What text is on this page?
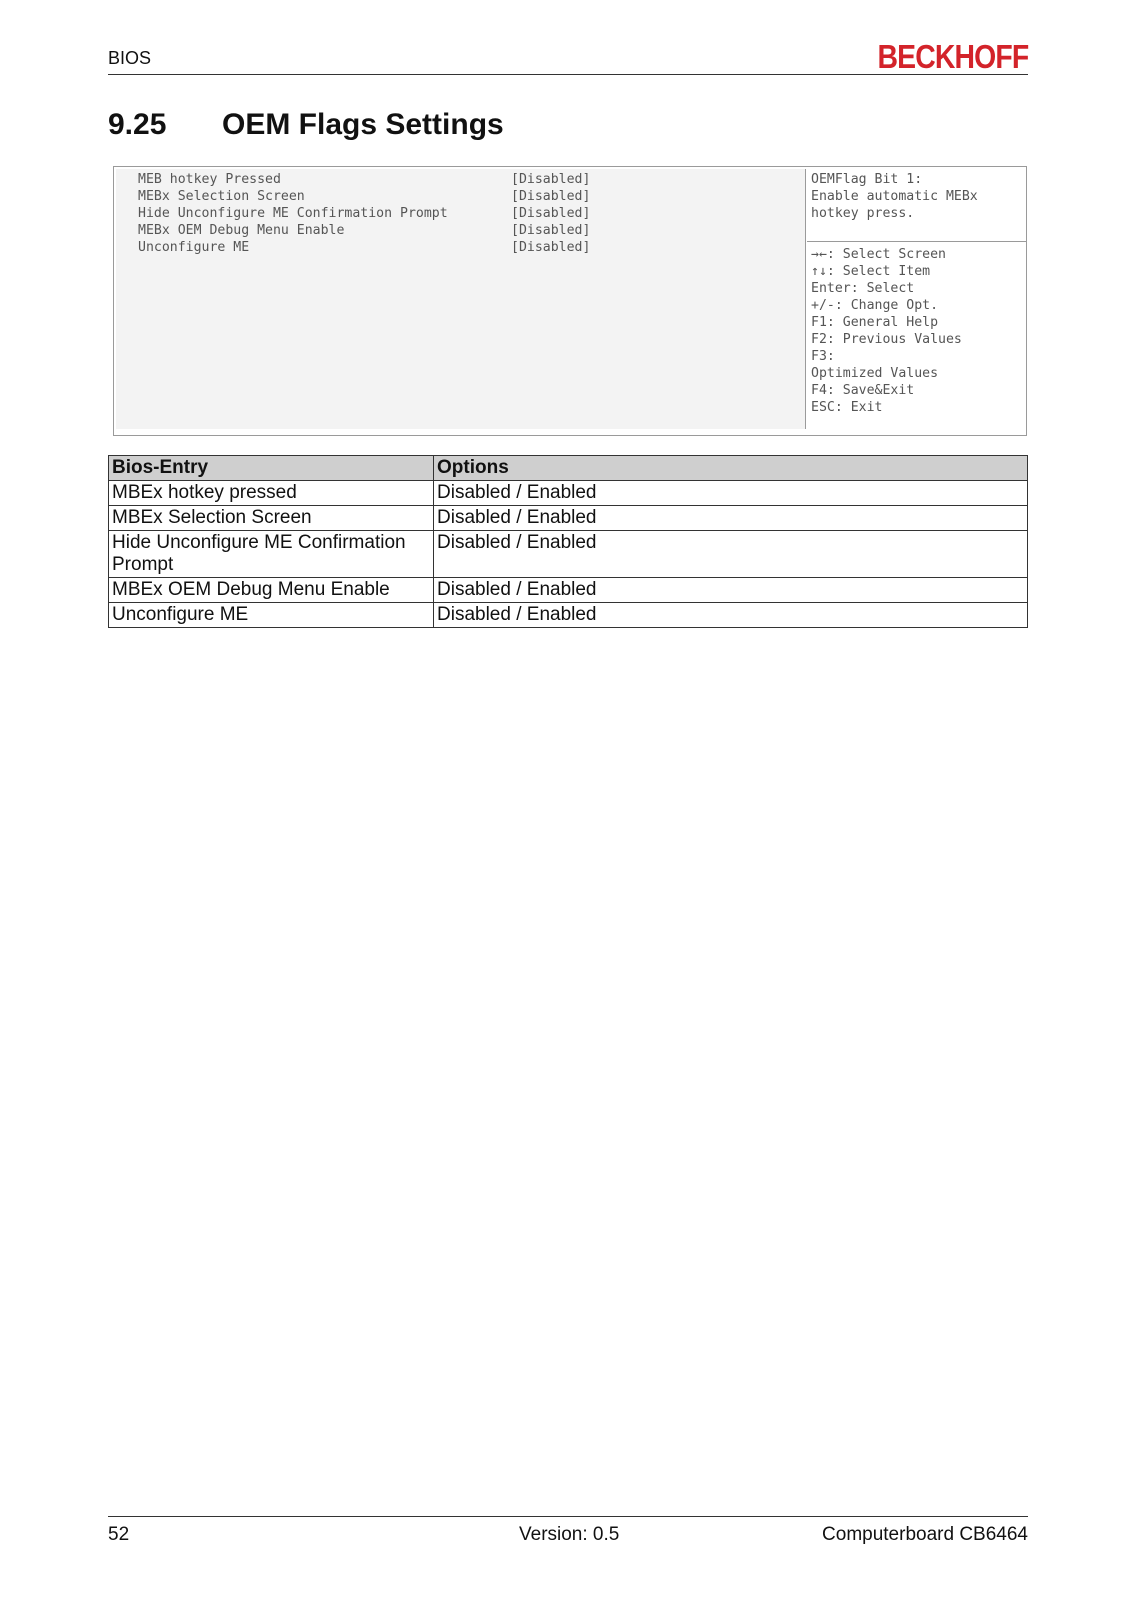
BIOS	BECKHOFF
9.25 OEM Flags Settings
MEB hotkey Pressed	[Disabled]
MEBx Selection Screen	[Disabled]
Hide Unconfigure ME Confirmation Prompt	[Disabled]
MEBx OEM Debug Menu Enable	[Disabled]
Unconfigure ME	[Disabled]
OEMFlag Bit 1:
Enable automatic MEBx hotkey press.
→←: Select Screen
↑↓: Select Item
Enter: Select
+/-: Change Opt.
F1: General Help
F2: Previous Values
F3:
Optimized Values
F4: Save&Exit
ESC: Exit
Bios-Entry	Options
MBEx hotkey pressed	Disabled / Enabled
MBEx Selection Screen	Disabled / Enabled
Hide Unconfigure ME Confirmation Prompt	Disabled / Enabled
MBEx OEM Debug Menu Enable	Disabled / Enabled
Unconfigure ME	Disabled / Enabled
52	Version: 0.5	Computerboard CB6464
